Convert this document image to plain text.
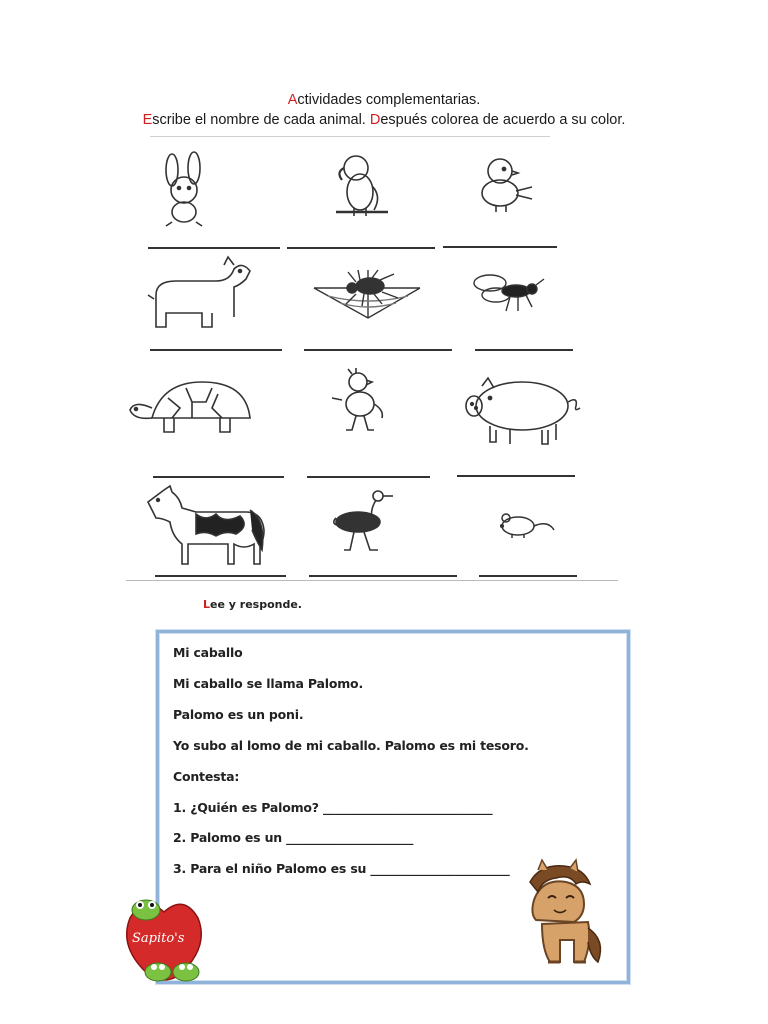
Actividades complementarias.
Escribe el nombre de cada animal. Después colorea de acuerdo a su color.
Lee y responde.
Mi caballo
Mi caballo se llama Palomo.
Palomo es un poni.
Yo subo al lomo de mi caballo. Palomo es mi tesoro.
Contesta:
1. ¿Quién es Palomo? ____________________________
2. Palomo es un _____________________
3. Para el niño Palomo es su _______________________
Sapito's
